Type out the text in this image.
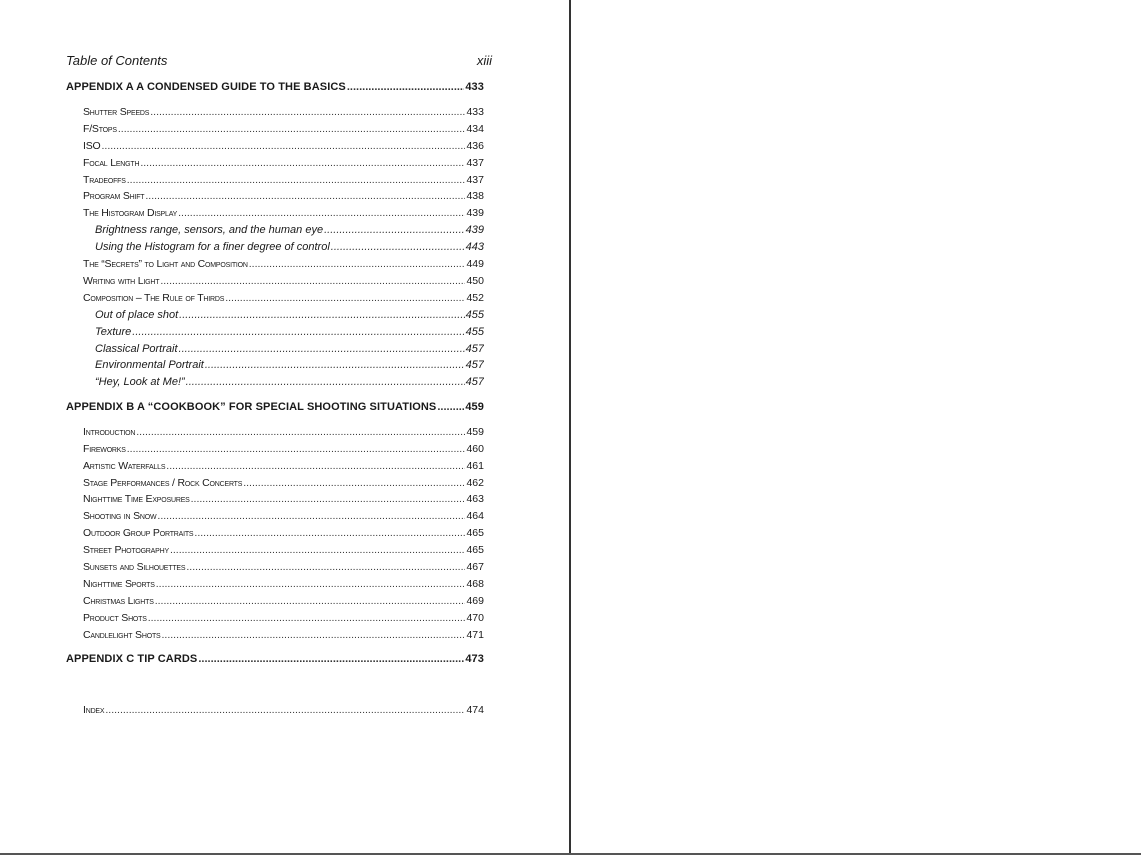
Table of Contents	xiii
APPENDIX A A CONDENSED GUIDE TO THE BASICS .....	433
Shutter Speeds .....	433
F/Stops .....	434
ISO .....	436
Focal Length .....	437
Tradeoffs .....	437
Program Shift .....	438
The Histogram Display .....	439
Brightness range, sensors, and the human eye .....	439
Using the Histogram for a finer degree of control .....	443
The “Secrets” to Light and Composition .....	449
Writing with Light .....	450
Composition – The Rule of Thirds .....	452
Out of place shot .....	455
Texture .....	455
Classical Portrait .....	457
Environmental Portrait .....	457
“Hey, Look at Me!” .....	457
APPENDIX B A “COOKBOOK” FOR SPECIAL SHOOTING SITUATIONS .....	459
Introduction .....	459
Fireworks .....	460
Artistic Waterfalls .....	461
Stage Performances / Rock Concerts .....	462
Nighttime Time Exposures .....	463
Shooting in Snow .....	464
Outdoor Group Portraits .....	465
Street Photography .....	465
Sunsets and Silhouettes .....	467
Nighttime Sports .....	468
Christmas Lights .....	469
Product Shots .....	470
Candlelight Shots .....	471
APPENDIX C TIP CARDS .....	473
Index .....	474
